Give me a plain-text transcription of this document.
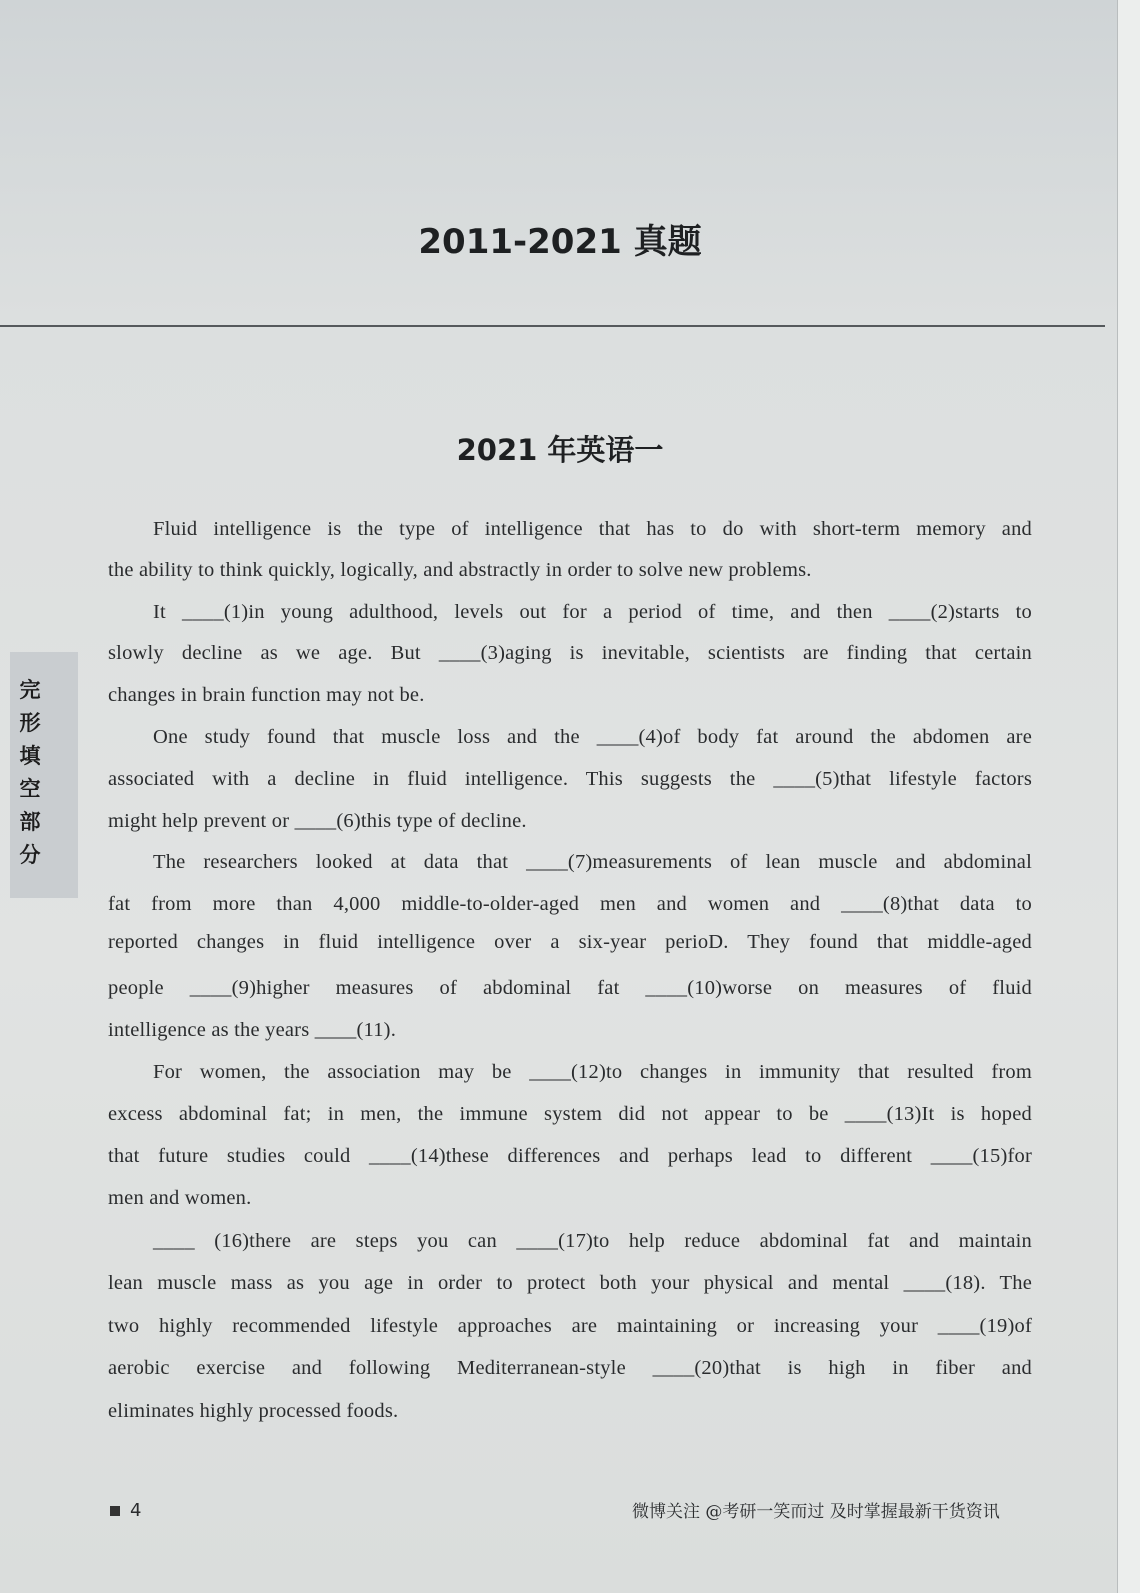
2011-2021 真题
2021 年英语一
完形填空部分
Fluid intelligence is the type of intelligence that has to do with short-term memory and
the ability to think quickly, logically, and abstractly in order to solve new problems.
It ____(1)in young adulthood, levels out for a period of time, and then ____(2)starts to
slowly decline as we age. But ____(3)aging is inevitable, scientists are finding that certain
changes in brain function may not be.
One study found that muscle loss and the ____(4)of body fat around the abdomen are
associated with a decline in fluid intelligence. This suggests the ____(5)that lifestyle factors
might help prevent or ____(6)this type of decline.
The researchers looked at data that ____(7)measurements of lean muscle and abdominal
fat from more than 4,000 middle-to-older-aged men and women and ____(8)that data to
reported changes in fluid intelligence over a six-year perioD. They found that middle-aged
people ____(9)higher measures of abdominal fat ____(10)worse on measures of fluid
intelligence as the years ____(11).
For women, the association may be ____(12)to changes in immunity that resulted from
excess abdominal fat; in men, the immune system did not appear to be ____(13)It is hoped
that future studies could ____(14)these differences and perhaps lead to different ____(15)for
men and women.
____ (16)there are steps you can ____(17)to help reduce abdominal fat and maintain
lean muscle mass as you age in order to protect both your physical and mental ____(18). The
two highly recommended lifestyle approaches are maintaining or increasing your ____(19)of
aerobic exercise and following Mediterranean-style ____(20)that is high in fiber and
eliminates highly processed foods.
4	微博关注 @考研一笑而过 及时掌握最新干货资讯
